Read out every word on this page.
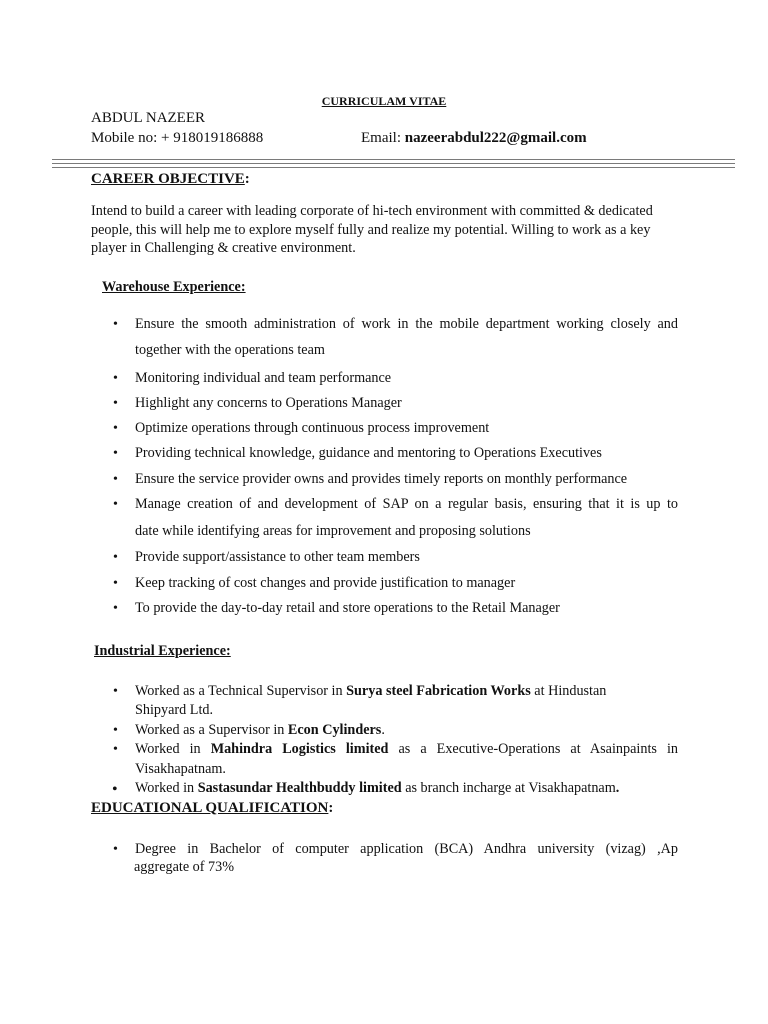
CURRICULAM VITAE
ABDUL NAZEER
Mobile no: + 918019186888	Email: nazeerabdul222@gmail.com
CAREER OBJECTIVE:
Intend to build a career with leading corporate of hi-tech environment with committed & dedicated
people, this will help me to explore myself fully and realize my potential. Willing to work as a key
player in Challenging & creative environment.
Warehouse Experience:
• Ensure the smooth administration of work in the mobile department working closely and
together with the operations team
• Monitoring individual and team performance
• Highlight any concerns to Operations Manager
• Optimize operations through continuous process improvement
• Providing technical knowledge, guidance and mentoring to Operations Executives
• Ensure the service provider owns and provides timely reports on monthly performance
• Manage creation of and development of SAP on a regular basis, ensuring that it is up to
date while identifying areas for improvement and proposing solutions
• Provide support/assistance to other team members
• Keep tracking of cost changes and provide justification to manager
• To provide the day-to-day retail and store operations to the Retail Manager
Industrial Experience:
• Worked as a Technical Supervisor in Surya steel Fabrication Works at Hindustan
Shipyard Ltd.
• Worked as a Supervisor in Econ Cylinders.
• Worked in Mahindra Logistics limited as a Executive-Operations at Asainpaints in
Visakhapatnam.
• Worked in Sastasundar Healthbuddy limited as branch incharge at Visakhapatnam.
EDUCATIONAL QUALIFICATION:
• Degree in Bachelor of computer application (BCA) Andhra university (vizag) ,Ap
aggregate of 73%
